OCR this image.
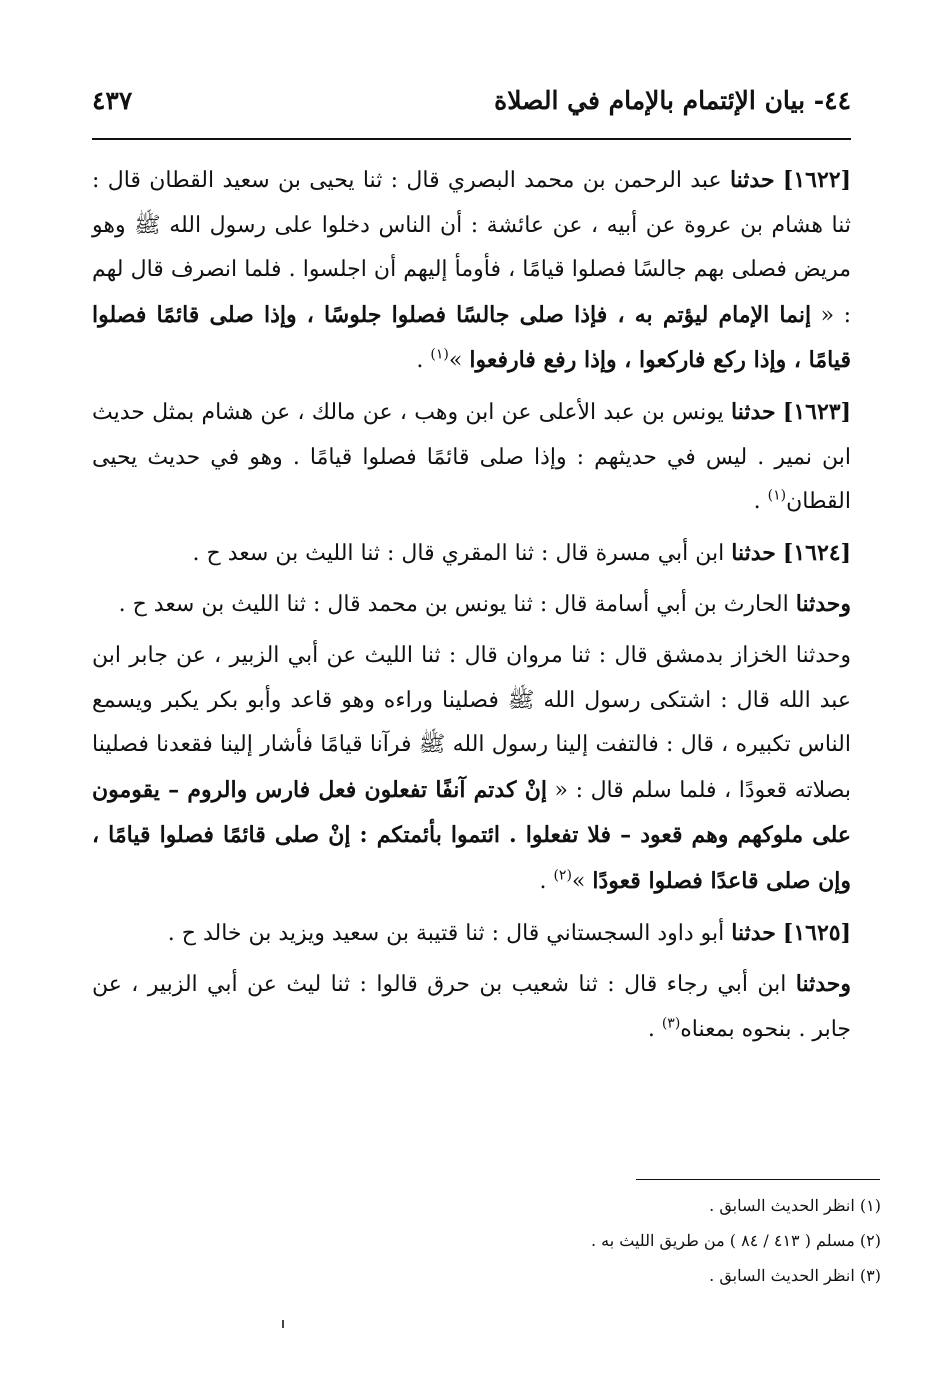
٤٤- بيان الإئتمام بالإمام في الصلاة
٤٣٧

[١٦٢٢] حدثنا عبد الرحمن بن محمد البصري قال : ثنا يحيى بن سعيد القطان قال : ثنا هشام بن عروة عن أبيه ، عن عائشة : أن الناس دخلوا على رسول الله ﷺ وهو مريض فصلى بهم جالسًا فصلوا قيامًا ، فأومأ إليهم أن اجلسوا . فلما انصرف قال لهم : « إنما الإمام ليؤتم به ، فإذا صلى جالسًا فصلوا جلوسًا ، وإذا صلى قائمًا فصلوا قيامًا ، وإذا ركع فاركعوا ، وإذا رفع فارفعوا »$^{(١)}$ .

[١٦٢٣] حدثنا يونس بن عبد الأعلى عن ابن وهب ، عن مالك ، عن هشام بمثل حديث ابن نمير . ليس في حديثهم : وإذا صلى قائمًا فصلوا قيامًا . وهو في حديث يحيى القطان$^{(١)}$ .

[١٦٢٤] حدثنا ابن أبي مسرة قال : ثنا المقري قال : ثنا الليث بن سعد ح .

وحدثنا الحارث بن أبي أسامة قال : ثنا يونس بن محمد قال : ثنا الليث بن سعد ح .

وحدثنا الخزاز بدمشق قال : ثنا مروان قال : ثنا الليث عن أبي الزبير ، عن جابر ابن عبد الله قال : اشتكى رسول الله ﷺ فصلينا وراءه وهو قاعد وأبو بكر يكبر ويسمع الناس تكبيره ، قال : فالتفت إلينا رسول الله ﷺ فرآنا قيامًا فأشار إلينا فقعدنا فصلينا بصلاته قعودًا ، فلما سلم قال : « إنْ كدتم آنفًا تفعلون فعل فارس والروم – يقومون على ملوكهم وهم قعود – فلا تفعلوا . ائتموا بأئمتكم : إنْ صلى قائمًا فصلوا قيامًا ، وإن صلى قاعدًا فصلوا قعودًا »$^{(٢)}$ .

[١٦٢٥] حدثنا أبو داود السجستاني قال : ثنا قتيبة بن سعيد ويزيد بن خالد ح .

وحدثنا ابن أبي رجاء قال : ثنا شعيب بن حرق قالوا : ثنا ليث عن أبي الزبير ، عن جابر . بنحوه بمعناه$^{(٣)}$ .

(١) انظر الحديث السابق .

(٢) مسلم ( ٤١٣ / ٨٤ ) من طريق الليث به .

(٣) انظر الحديث السابق .
